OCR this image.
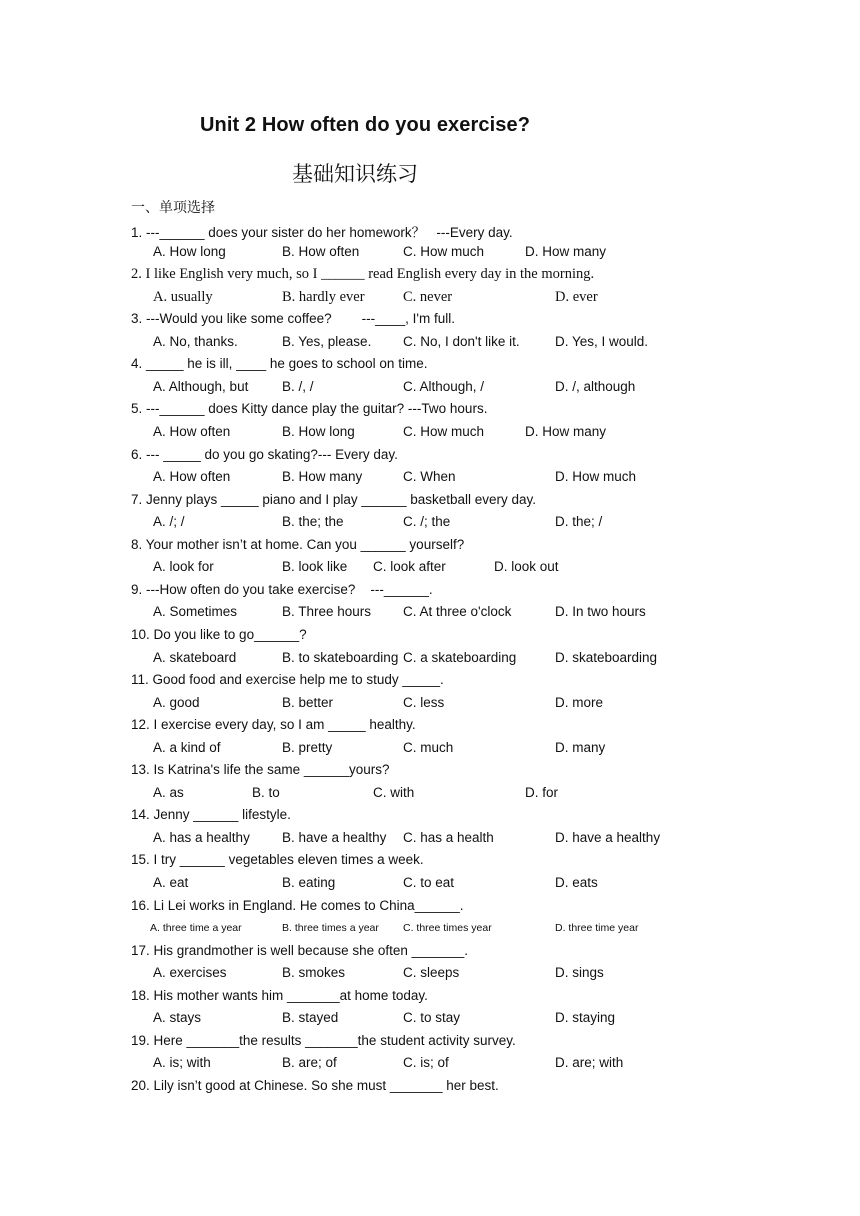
Unit 2 How often do you exercise?
基础知识练习
一、单项选择
1. ---______ does your sister do her homework？   ---Every day.
A. How long	B. How often	C. How much	D. How many
2. I like English very much, so I ______ read English every day in the morning.
A. usually	B. hardly ever	C. never	D. ever
3. ---Would you like some coffee?        ---____, I'm full.
A. No, thanks.	B. Yes, please. C. No, I don't like it.	D. Yes, I would.
4. _____ he is ill, ____ he goes to school on time.
A. Although, but B. /, /	C. Although, /	D. /, although
5. ---______ does Kitty dance play the guitar? ---Two hours.
A. How often	B. How long	C. How much	D. How many
6. --- _____ do you go skating?--- Every day.
A. How often	B. How many	C. When	D. How much
7. Jenny plays _____ piano and I play ______ basketball every day.
A. /; /	B. the; the	C. /; the	D. the; /
8. Your mother isn’t at home. Can you ______ yourself?
A. look for	B. look like C. look after	D. look out
9. ---How often do you take exercise?    ---______.
A. Sometimes	B. Three hours C. At three o'clock	D. In two hours
10. Do you like to go______?
A. skateboard	B. to skateboarding C. a skateboarding	D. skateboarding
11. Good food and exercise help me to study _____.
A. good	B. better	C. less	D. more
12. I exercise every day, so I am _____ healthy.
A. a kind of	B. pretty	C. much	D. many
13. Is Katrina's life the same ______yours?
A. as	B. to	C. with	D. for
14. Jenny ______ lifestyle.
A. has a healthy B. have a healthy C. has a health	D. have a healthy
15. I try ______ vegetables eleven times a week.
A. eat	B. eating	C. to eat	D. eats
16. Li Lei works in England. He comes to China______.
A. three time a year	B. three times a year C. three times year	D. three time year
17. His grandmother is well because she often _______.
A. exercises	B. smokes	C. sleeps	D. sings
18. His mother wants him _______at home today.
A. stays	B. stayed	C. to stay	D. staying
19. Here _______the results _______the student activity survey.
A. is; with	B. are; of	C. is; of	D. are; with
20. Lily isn’t good at Chinese. So she must _______ her best.
